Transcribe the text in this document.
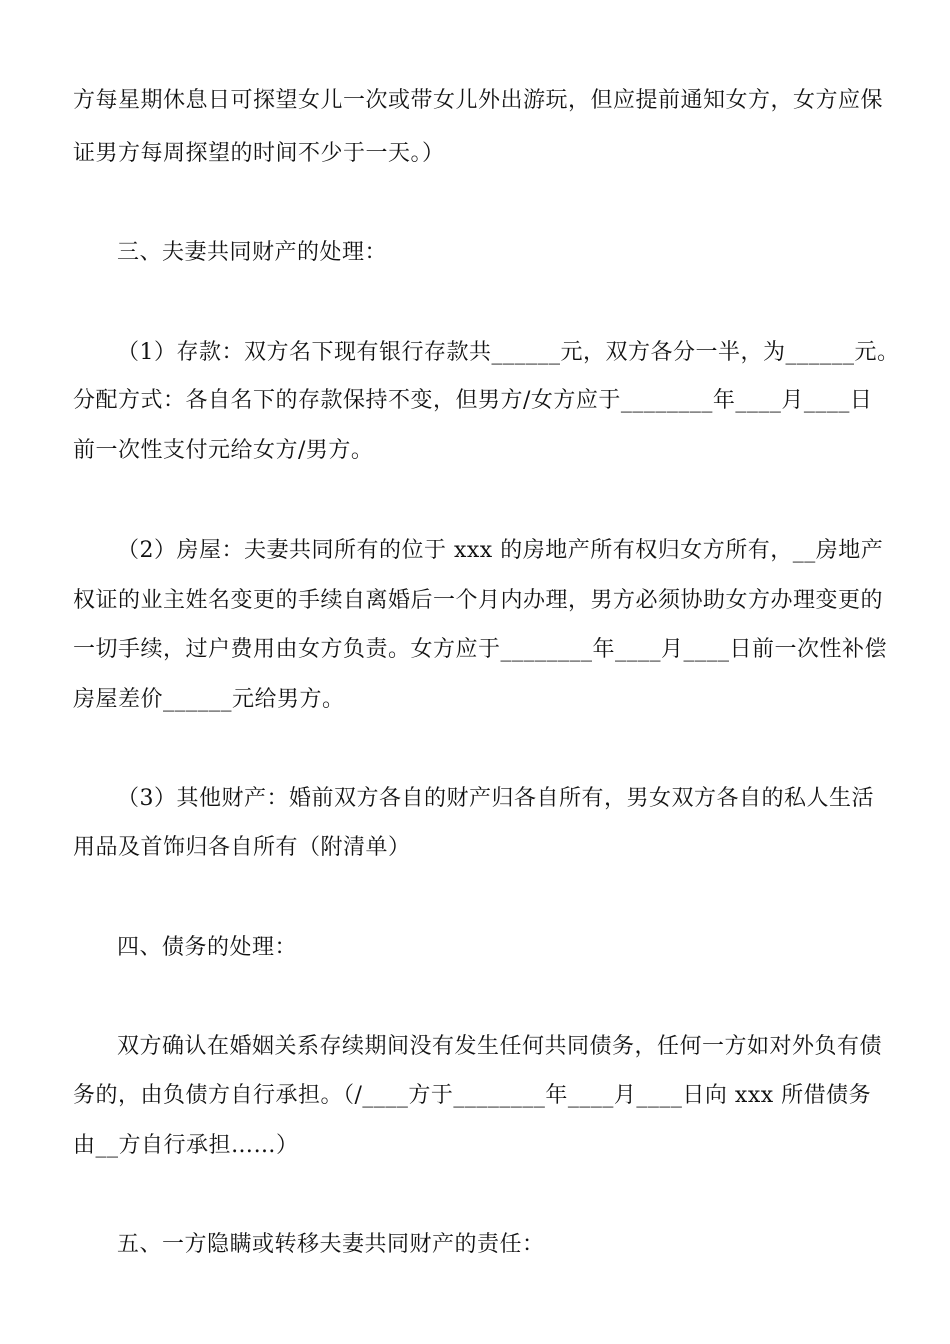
方每星期休息日可探望女儿一次或带女儿外出游玩，但应提前通知女方，女方应保
证男方每周探望的时间不少于一天。）
三、夫妻共同财产的处理：
（1）存款：双方名下现有银行存款共______元，双方各分一半，为______元。
分配方式：各自名下的存款保持不变，但男方/女方应于________年____月____日
前一次性支付元给女方/男方。
（2）房屋：夫妻共同所有的位于 xxx 的房地产所有权归女方所有，__房地产
权证的业主姓名变更的手续自离婚后一个月内办理，男方必须协助女方办理变更的
一切手续，过户费用由女方负责。女方应于________年____月____日前一次性补偿
房屋差价______元给男方。
（3）其他财产：婚前双方各自的财产归各自所有，男女双方各自的私人生活
用品及首饰归各自所有（附清单）
四、债务的处理：
双方确认在婚姻关系存续期间没有发生任何共同债务，任何一方如对外负有债
务的，由负债方自行承担。（/____方于________年____月____日向 xxx 所借债务
由__方自行承担……）
五、一方隐瞒或转移夫妻共同财产的责任：
